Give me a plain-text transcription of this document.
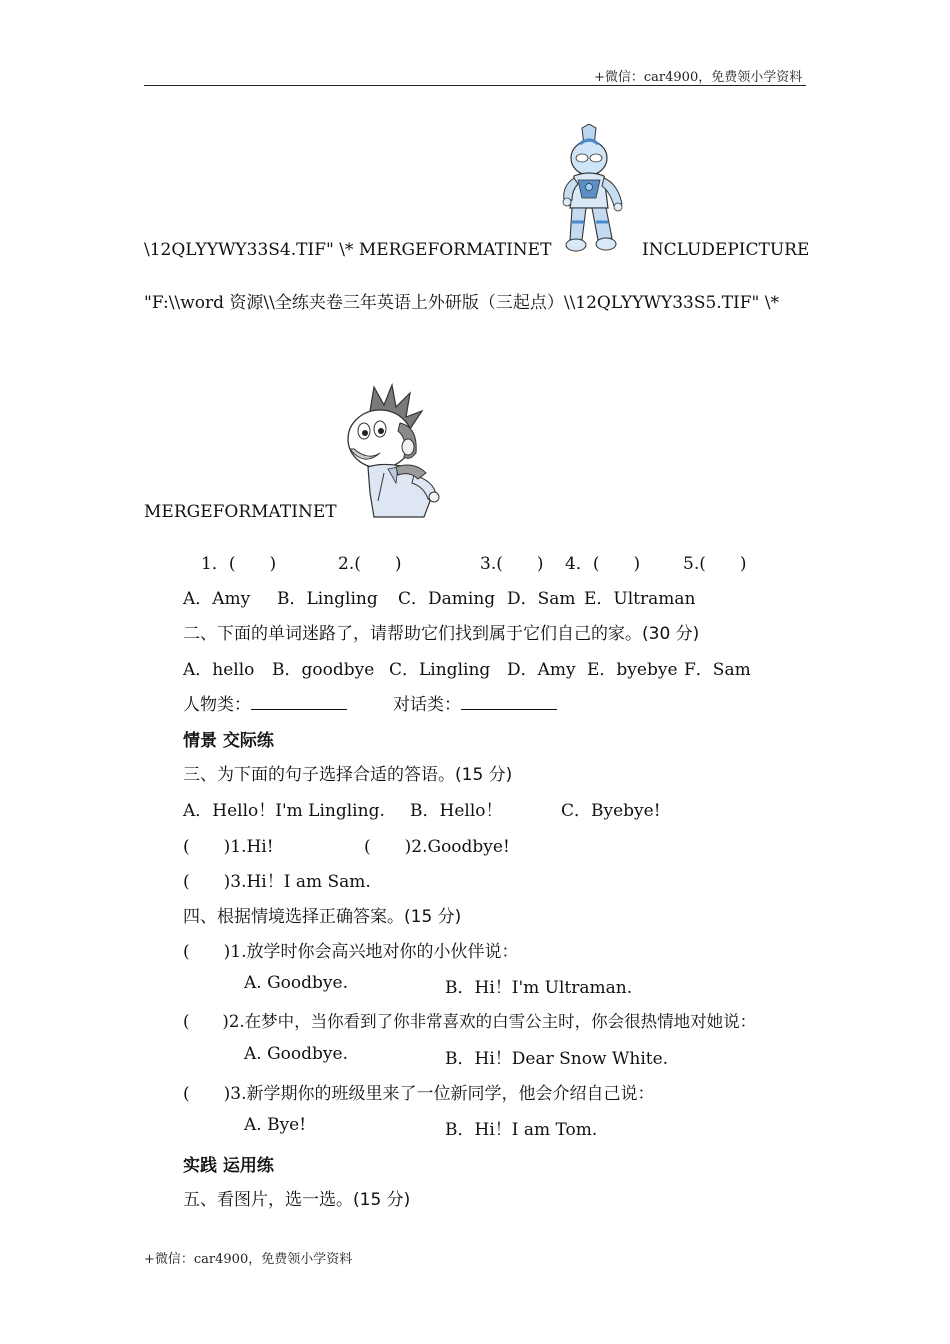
+微信：car4900，免费领小学资料
\12QLYYWY33S4.TIF" \* MERGEFORMATINET	INCLUDEPICTURE
"F:\\word 资源\\全练夹卷三年英语上外研版（三起点）\\12QLYYWY33S5.TIF" \*
MERGEFORMATINET
1．(　　)	2.(　　)	3.(　　) 4．(　　)	5.(　　)
A．Amy B．Lingling C．Daming D．Sam E．Ultraman
二、下面的单词迷路了，请帮助它们找到属于它们自己的家。(30 分)
A．hello B．goodbye C．Lingling D．Amy E．byebye F．Sam
人物类：	对话类：
情景 交际练
三、为下面的句子选择合适的答语。(15 分)
A．Hello！I'm Lingling. B．Hello！	C．Byebye!
(　　)1.Hi!	(　　)2.Goodbye!
(　　)3.Hi！I am Sam.
四、根据情境选择正确答案。(15 分)
(　　)1.放学时你会高兴地对你的小伙伴说：
A. Goodbye.	B．Hi！I'm Ultraman.
(　　)2.在梦中，当你看到了你非常喜欢的白雪公主时，你会很热情地对她说：
A. Goodbye.	B．Hi！Dear Snow White.
(　　)3.新学期你的班级里来了一位新同学，他会介绍自己说：
A. Bye!	B．Hi！I am Tom.
实践 运用练
五、看图片，选一选。(15 分)
+微信：car4900，免费领小学资料
